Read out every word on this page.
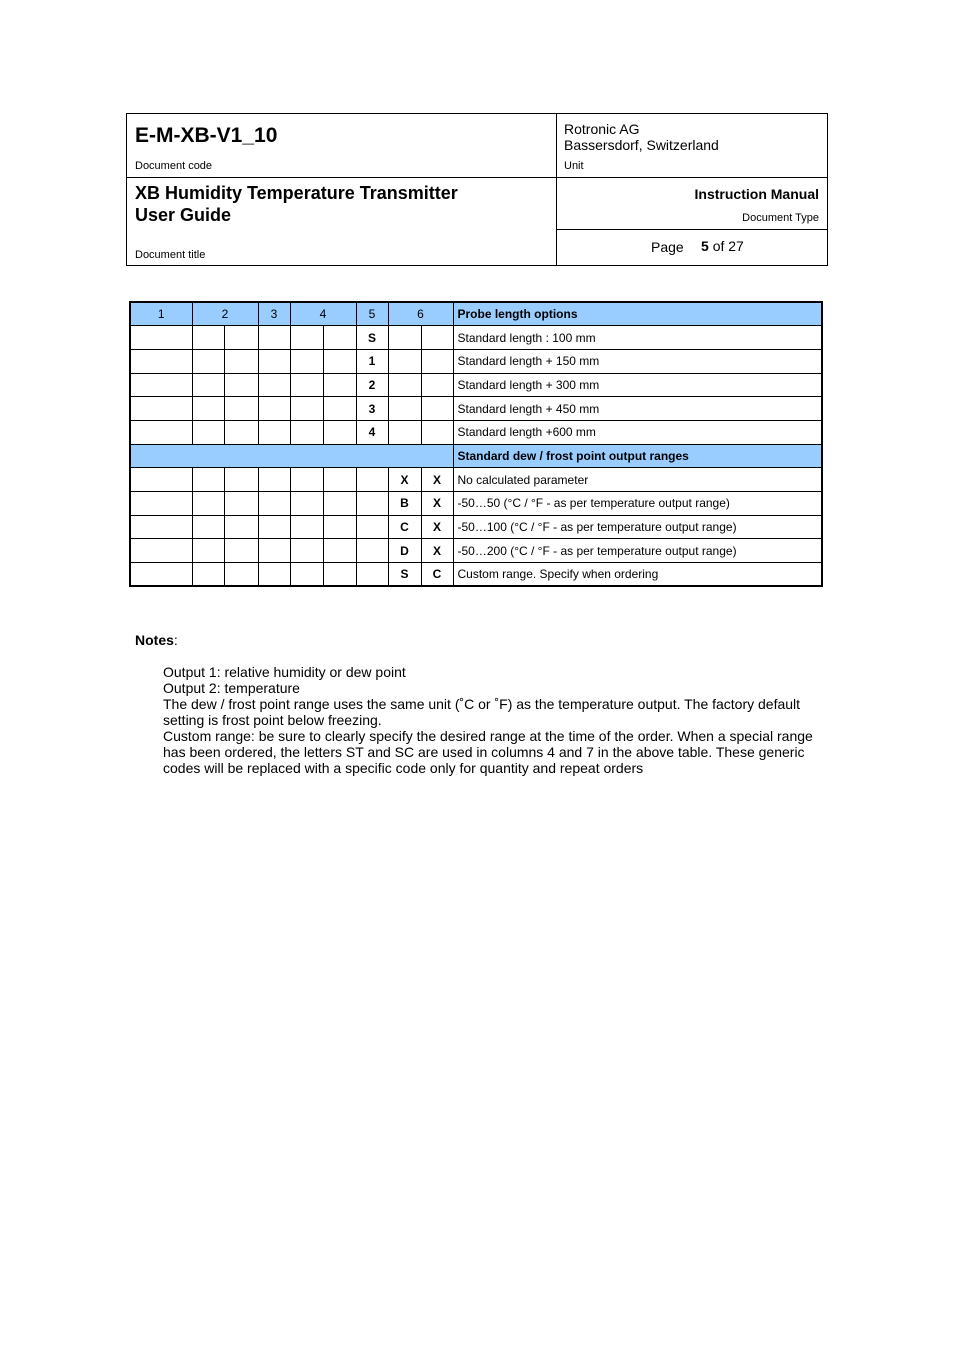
E-M-XB-V1_10
Document code
Rotronic AG
Bassersdorf, Switzerland
Unit
XB Humidity Temperature Transmitter
User Guide
Document title
Instruction Manual
Document Type
Page 5 of 27
1	2		3	4		5	6		Probe length options
						S			Standard length : 100 mm
						1			Standard length + 150 mm
						2			Standard length + 300 mm
						3			Standard length + 450 mm
						4			Standard length +600 mm
									Standard dew / frost point output ranges
							X	X	No calculated parameter
							B	X	-50…50 (°C / °F - as per temperature output range)
							C	X	-50…100 (°C / °F - as per temperature output range)
							D	X	-50…200 (°C / °F - as per temperature output range)
							S	C	Custom range. Specify when ordering
Notes:

Output 1: relative humidity or dew point

Output 2: temperature

The dew / frost point range uses the same unit (˚C or ˚F) as the temperature output. The factory default setting is frost point below freezing.

Custom range: be sure to clearly specify the desired range at the time of the order. When a special range has been ordered, the letters ST and SC are used in columns 4 and 7 in the above table. These generic codes will be replaced with a specific code only for quantity and repeat orders
